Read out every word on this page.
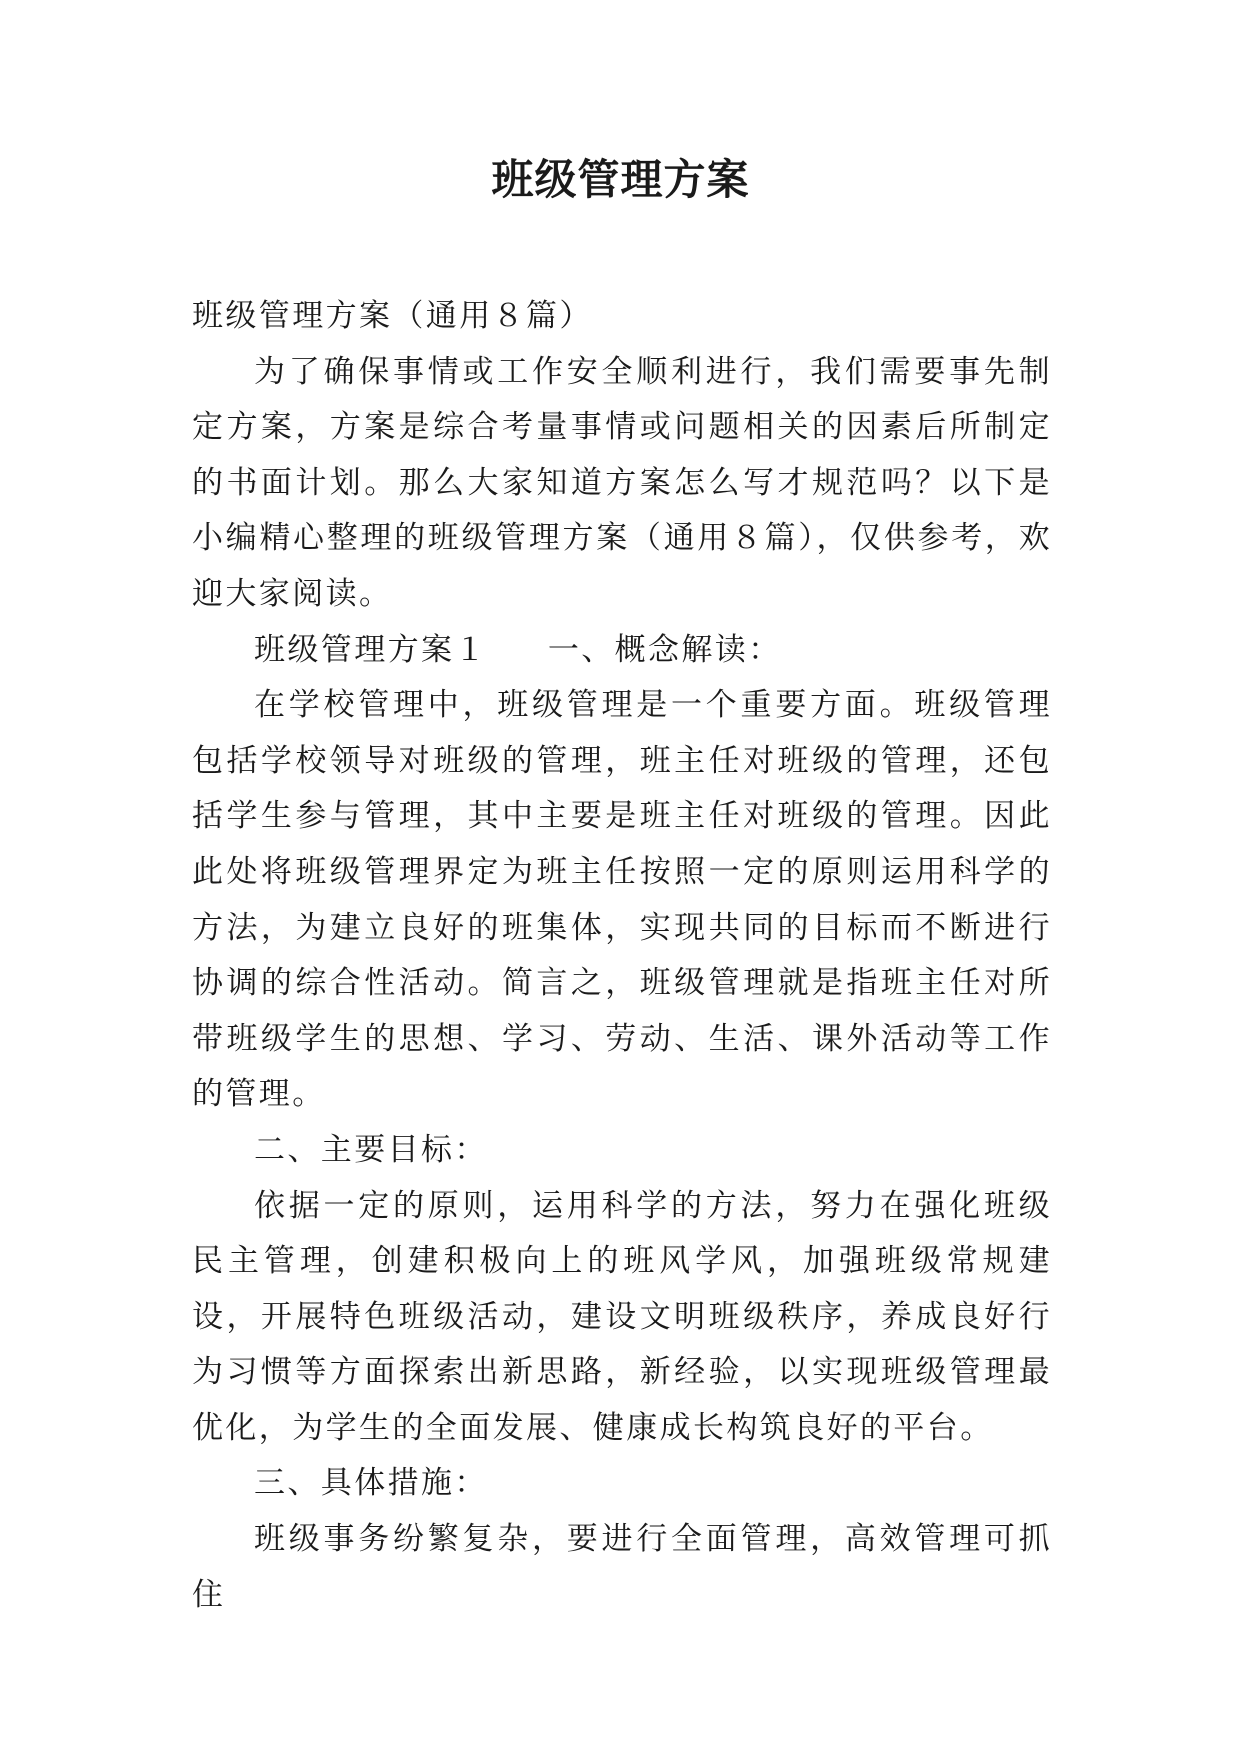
班级管理方案

班级管理方案（通用８篇）

为了确保事情或工作安全顺利进行，我们需要事先制定方案，方案是综合考量事情或问题相关的因素后所制定的书面计划。那么大家知道方案怎么写才规范吗？以下是小编精心整理的班级管理方案（通用８篇），仅供参考，欢迎大家阅读。

班级管理方案１ 一、概念解读：

在学校管理中，班级管理是一个重要方面。班级管理包括学校领导对班级的管理，班主任对班级的管理，还包括学生参与管理，其中主要是班主任对班级的管理。因此此处将班级管理界定为班主任按照一定的原则运用科学的方法，为建立良好的班集体，实现共同的目标而不断进行协调的综合性活动。简言之，班级管理就是指班主任对所带班级学生的思想、学习、劳动、生活、课外活动等工作的管理。

二、主要目标：

依据一定的原则，运用科学的方法，努力在强化班级民主管理，创建积极向上的班风学风，加强班级常规建设，开展特色班级活动，建设文明班级秩序，养成良好行为习惯等方面探索出新思路，新经验，以实现班级管理最优化，为学生的全面发展、健康成长构筑良好的平台。

三、具体措施：

班级事务纷繁复杂，要进行全面管理，高效管理可抓住
